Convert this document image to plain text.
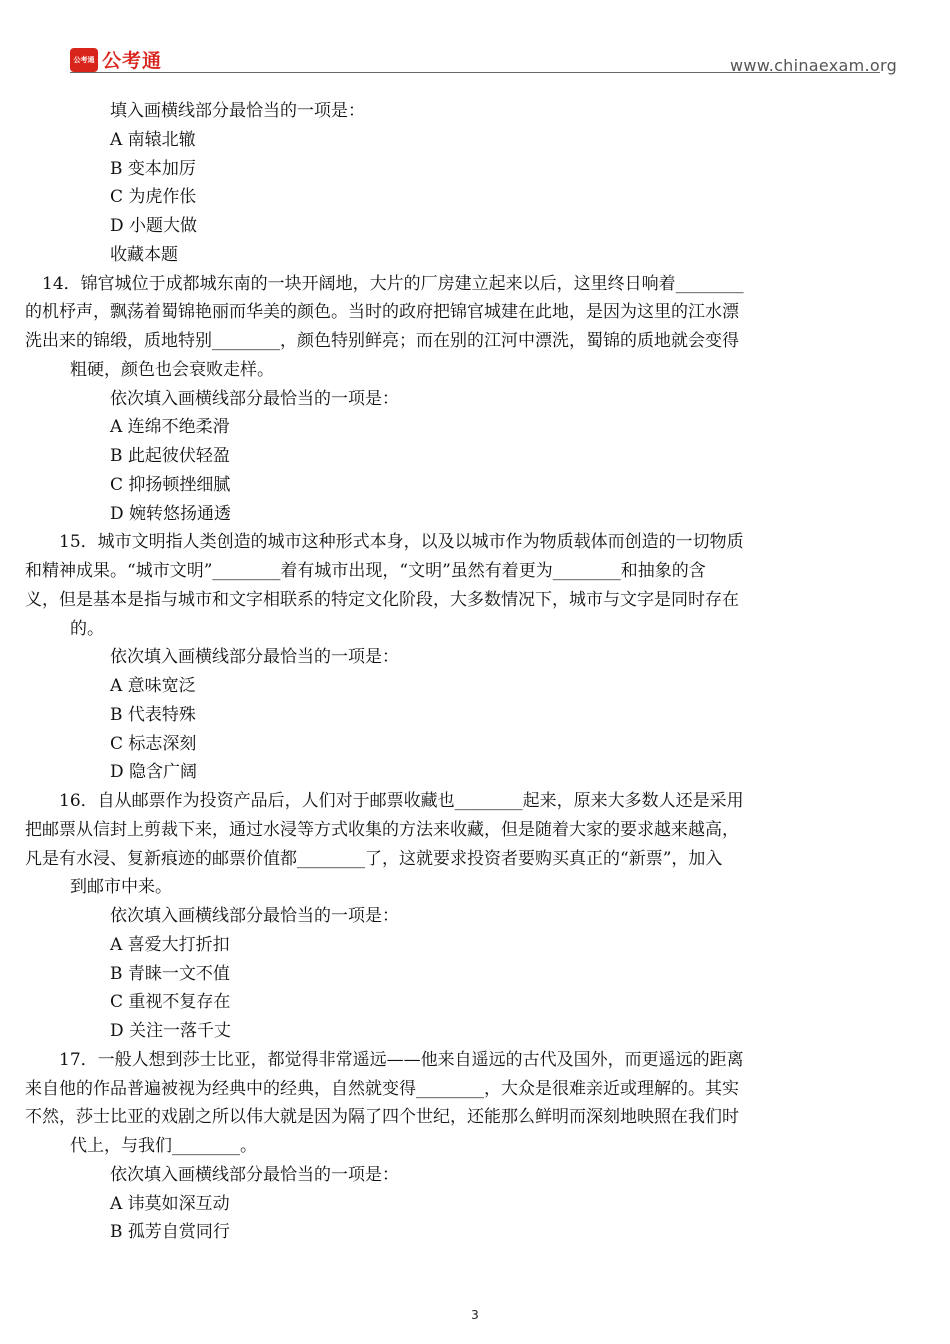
公考通 公考通	www.chinaexam.org
填入画横线部分最恰当的一项是：
A 南辕北辙
B 变本加厉
C 为虎作伥
D 小题大做
收藏本题
　14．锦官城位于成都城东南的一块开阔地，大片的厂房建立起来以后，这里终日响着________
的机杼声，飘荡着蜀锦艳丽而华美的颜色。当时的政府把锦官城建在此地，是因为这里的江水漂
洗出来的锦缎，质地特别________，颜色特别鲜亮；而在别的江河中漂洗，蜀锦的质地就会变得
粗硬，颜色也会衰败走样。
依次填入画横线部分最恰当的一项是：
A 连绵不绝柔滑
B 此起彼伏轻盈
C 抑扬顿挫细腻
D 婉转悠扬通透
　　15．城市文明指人类创造的城市这种形式本身，以及以城市作为物质载体而创造的一切物质
和精神成果。“城市文明”________着有城市出现，“文明”虽然有着更为________和抽象的含
义，但是基本是指与城市和文字相联系的特定文化阶段，大多数情况下，城市与文字是同时存在
的。
依次填入画横线部分最恰当的一项是：
A 意味宽泛
B 代表特殊
C 标志深刻
D 隐含广阔
　　16．自从邮票作为投资产品后，人们对于邮票收藏也________起来，原来大多数人还是采用
把邮票从信封上剪裁下来，通过水浸等方式收集的方法来收藏，但是随着大家的要求越来越高，
凡是有水浸、复新痕迹的邮票价值都________了，这就要求投资者要购买真正的“新票”，加入
到邮市中来。
依次填入画横线部分最恰当的一项是：
A 喜爱大打折扣
B 青睐一文不值
C 重视不复存在
D 关注一落千丈
　　17．一般人想到莎士比亚，都觉得非常遥远——他来自遥远的古代及国外，而更遥远的距离
来自他的作品普遍被视为经典中的经典，自然就变得________，大众是很难亲近或理解的。其实
不然，莎士比亚的戏剧之所以伟大就是因为隔了四个世纪，还能那么鲜明而深刻地映照在我们时
代上，与我们________。
依次填入画横线部分最恰当的一项是：
A 讳莫如深互动
B 孤芳自赏同行
3
